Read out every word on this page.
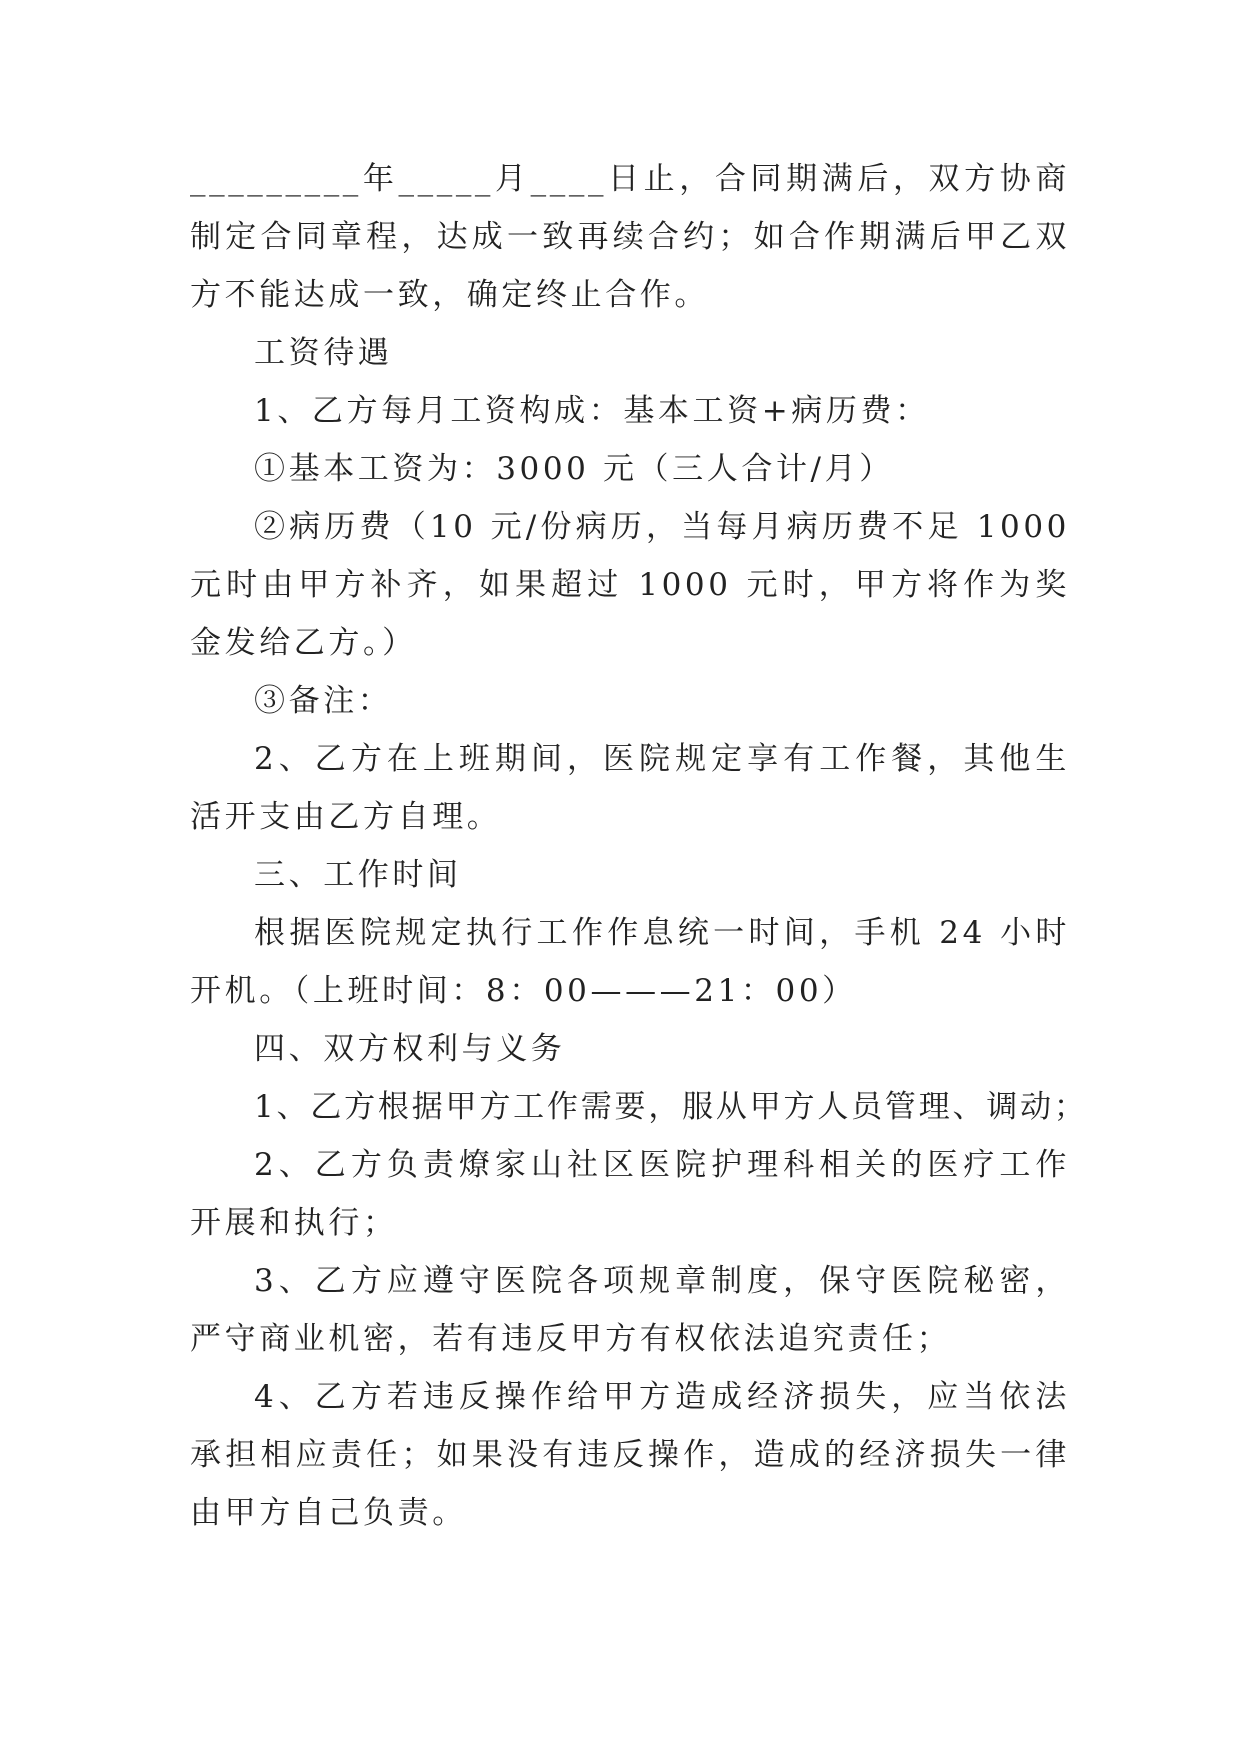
_________年_____月____日止，合同期满后，双方协商制定合同章程，达成一致再续合约；如合作期满后甲乙双方不能达成一致，确定终止合作。

工资待遇

1、乙方每月工资构成：基本工资+病历费：

①基本工资为：3000 元（三人合计/月）

②病历费（10 元/份病历，当每月病历费不足 1000 元时由甲方补齐，如果超过 1000 元时，甲方将作为奖金发给乙方。）

③备注：

2、乙方在上班期间，医院规定享有工作餐，其他生活开支由乙方自理。

三、工作时间

根据医院规定执行工作作息统一时间，手机 24 小时开机。（上班时间：8：00———21：00）

四、双方权利与义务

1、乙方根据甲方工作需要，服从甲方人员管理、调动；

2、乙方负责燎家山社区医院护理科相关的医疗工作开展和执行；

3、乙方应遵守医院各项规章制度，保守医院秘密，严守商业机密，若有违反甲方有权依法追究责任；

4、乙方若违反操作给甲方造成经济损失，应当依法承担相应责任；如果没有违反操作，造成的经济损失一律由甲方自己负责。
